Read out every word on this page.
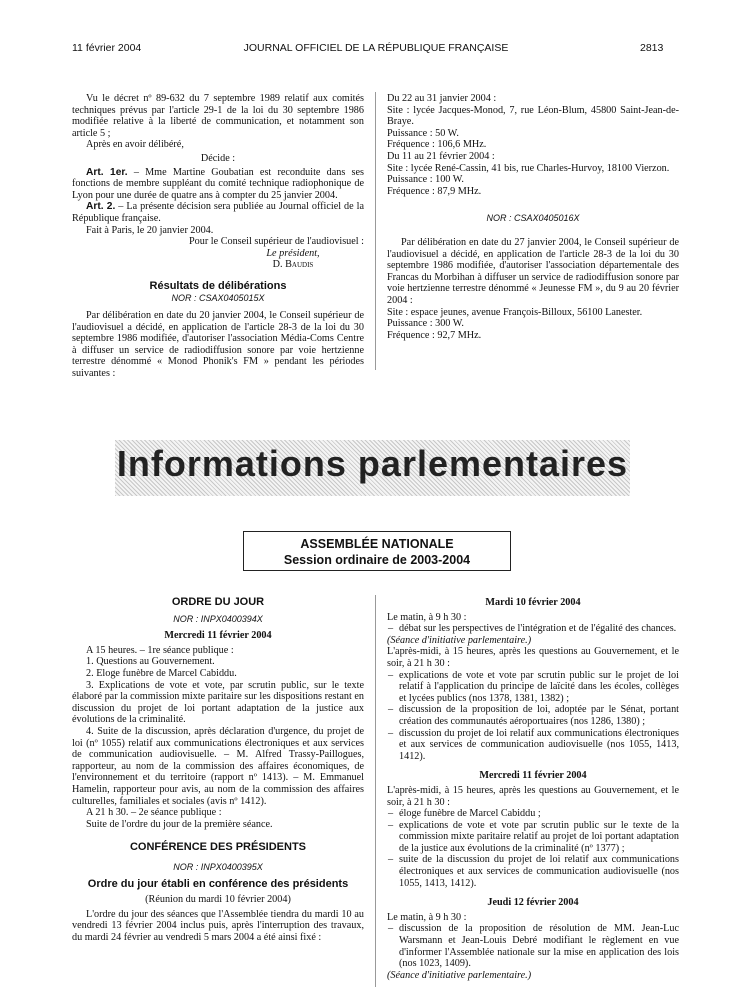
11 février 2004	JOURNAL OFFICIEL DE LA RÉPUBLIQUE FRANÇAISE	2813

Vu le décret nº 89-632 du 7 septembre 1989 relatif aux comités techniques prévus par l'article 29-1 de la loi du 30 septembre 1986 modifiée relative à la liberté de communication, et notamment son article 5 ;

Après en avoir délibéré,

Décide :

Art. 1er. – Mme Martine Goubatian est reconduite dans ses fonctions de membre suppléant du comité technique radiophonique de Lyon pour une durée de quatre ans à compter du 25 janvier 2004.

Art. 2. – La présente décision sera publiée au Journal officiel de la République française.

Fait à Paris, le 20 janvier 2004.

Pour le Conseil supérieur de l'audiovisuel :

Le président,

D. Baudis

Résultats de délibérations

NOR : CSAX0405015X

Par délibération en date du 20 janvier 2004, le Conseil supérieur de l'audiovisuel a décidé, en application de l'article 28-3 de la loi du 30 septembre 1986 modifiée, d'autoriser l'association Média-Coms Centre à diffuser un service de radiodiffusion sonore par voie hertzienne terrestre dénommé « Monod Phonik's FM » pendant les périodes suivantes :

Du 22 au 31 janvier 2004 :

Site : lycée Jacques-Monod, 7, rue Léon-Blum, 45800 Saint-Jean-de-Braye.

Puissance : 50 W.

Fréquence : 106,6 MHz.

Du 11 au 21 février 2004 :

Site : lycée René-Cassin, 41 bis, rue Charles-Hurvoy, 18100 Vierzon.

Puissance : 100 W.

Fréquence : 87,9 MHz.

NOR : CSAX0405016X

Par délibération en date du 27 janvier 2004, le Conseil supérieur de l'audiovisuel a décidé, en application de l'article 28-3 de la loi du 30 septembre 1986 modifiée, d'autoriser l'association départementale des Francas du Morbihan à diffuser un service de radiodiffusion sonore par voie hertzienne terrestre dénommé « Jeunesse FM », du 9 au 20 février 2004 :

Site : espace jeunes, avenue François-Billoux, 56100 Lanester.

Puissance : 300 W.

Fréquence : 92,7 MHz.

Informations parlementaires
ASSEMBLÉE NATIONALE
Session ordinaire de 2003-2004

ORDRE DU JOUR

NOR : INPX0400394X

Mercredi 11 février 2004

A 15 heures. – 1re séance publique :

1. Questions au Gouvernement.

2. Eloge funèbre de Marcel Cabiddu.

3. Explications de vote et vote, par scrutin public, sur le texte élaboré par la commission mixte paritaire sur les dispositions restant en discussion du projet de loi portant adaptation de la justice aux évolutions de la criminalité.

4. Suite de la discussion, après déclaration d'urgence, du projet de loi (nº 1055) relatif aux communications électroniques et aux services de communication audiovisuelle. – M. Alfred Trassy-Paillogues, rapporteur, au nom de la commission des affaires économiques, de l'environnement et du territoire (rapport nº 1413). – M. Emmanuel Hamelin, rapporteur pour avis, au nom de la commission des affaires culturelles, familiales et sociales (avis nº 1412).

A 21 h 30. – 2e séance publique :

Suite de l'ordre du jour de la première séance.

CONFÉRENCE DES PRÉSIDENTS

NOR : INPX0400395X

Ordre du jour établi en conférence des présidents

(Réunion du mardi 10 février 2004)

L'ordre du jour des séances que l'Assemblée tiendra du mardi 10 au vendredi 13 février 2004 inclus puis, après l'interruption des travaux, du mardi 24 février au vendredi 5 mars 2004 a été ainsi fixé :

Mardi 10 février 2004

Le matin, à 9 h 30 :

– débat sur les perspectives de l'intégration et de l'égalité des chances.

(Séance d'initiative parlementaire.)

L'après-midi, à 15 heures, après les questions au Gouvernement, et le soir, à 21 h 30 :

– explications de vote et vote par scrutin public sur le projet de loi relatif à l'application du principe de laïcité dans les écoles, collèges et lycées publics (nos 1378, 1381, 1382) ;
– discussion de la proposition de loi, adoptée par le Sénat, portant création des communautés aéroportuaires (nos 1286, 1380) ;
– discussion du projet de loi relatif aux communications électroniques et aux services de communication audiovisuelle (nos 1055, 1413, 1412).

Mercredi 11 février 2004

L'après-midi, à 15 heures, après les questions au Gouvernement, et le soir, à 21 h 30 :

– éloge funèbre de Marcel Cabiddu ;
– explications de vote et vote par scrutin public sur le texte de la commission mixte paritaire relatif au projet de loi portant adaptation de la justice aux évolutions de la criminalité (nº 1377) ;
– suite de la discussion du projet de loi relatif aux communications électroniques et aux services de communication audiovisuelle (nos 1055, 1413, 1412).

Jeudi 12 février 2004

Le matin, à 9 h 30 :

– discussion de la proposition de résolution de MM. Jean-Luc Warsmann et Jean-Louis Debré modifiant le règlement en vue d'informer l'Assemblée nationale sur la mise en application des lois (nos 1023, 1409).

(Séance d'initiative parlementaire.)
